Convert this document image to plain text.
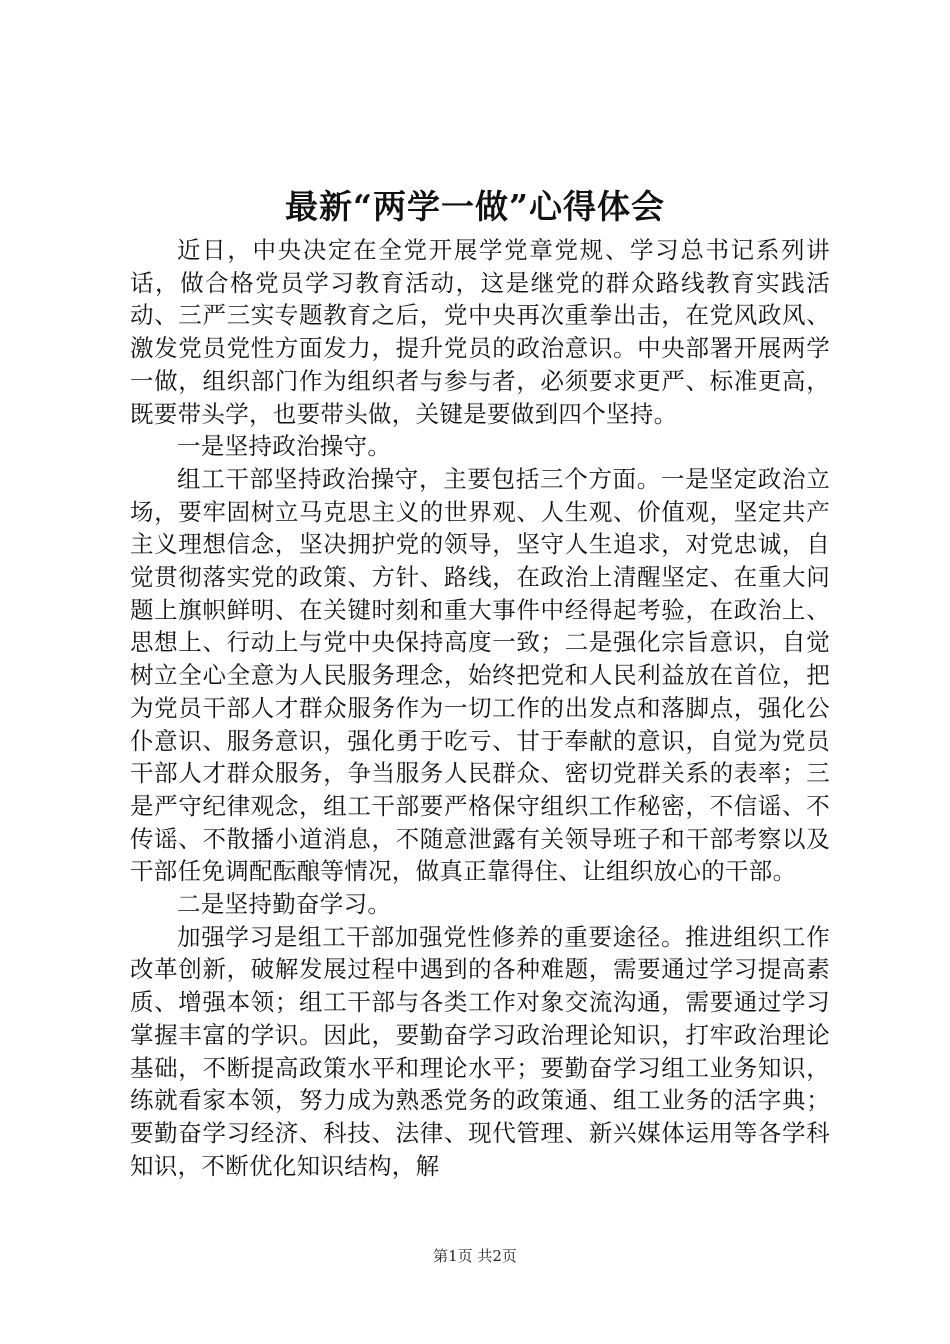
最新“两学一做”心得体会

近日，中央决定在全党开展学党章党规、学习总书记系列讲话，做合格党员学习教育活动，这是继党的群众路线教育实践活动、三严三实专题教育之后，党中央再次重拳出击，在党风政风、激发党员党性方面发力，提升党员的政治意识。中央部署开展两学一做，组织部门作为组织者与参与者，必须要求更严、标准更高，既要带头学，也要带头做，关键是要做到四个坚持。

一是坚持政治操守。

组工干部坚持政治操守，主要包括三个方面。一是坚定政治立场，要牢固树立马克思主义的世界观、人生观、价值观，坚定共产主义理想信念，坚决拥护党的领导，坚守人生追求，对党忠诚，自觉贯彻落实党的政策、方针、路线，在政治上清醒坚定、在重大问题上旗帜鲜明、在关键时刻和重大事件中经得起考验，在政治上、思想上、行动上与党中央保持高度一致；二是强化宗旨意识，自觉树立全心全意为人民服务理念，始终把党和人民利益放在首位，把为党员干部人才群众服务作为一切工作的出发点和落脚点，强化公仆意识、服务意识，强化勇于吃亏、甘于奉献的意识，自觉为党员干部人才群众服务，争当服务人民群众、密切党群关系的表率；三是严守纪律观念，组工干部要严格保守组织工作秘密，不信谣、不传谣、不散播小道消息，不随意泄露有关领导班子和干部考察以及干部任免调配酝酿等情况，做真正靠得住、让组织放心的干部。

二是坚持勤奋学习。

加强学习是组工干部加强党性修养的重要途径。推进组织工作改革创新，破解发展过程中遇到的各种难题，需要通过学习提高素质、增强本领；组工干部与各类工作对象交流沟通，需要通过学习掌握丰富的学识。因此，要勤奋学习政治理论知识，打牢政治理论基础，不断提高政策水平和理论水平；要勤奋学习组工业务知识，练就看家本领，努力成为熟悉党务的政策通、组工业务的活字典；要勤奋学习经济、科技、法律、现代管理、新兴媒体运用等各学科知识，不断优化知识结构，解

第1页 共2页
